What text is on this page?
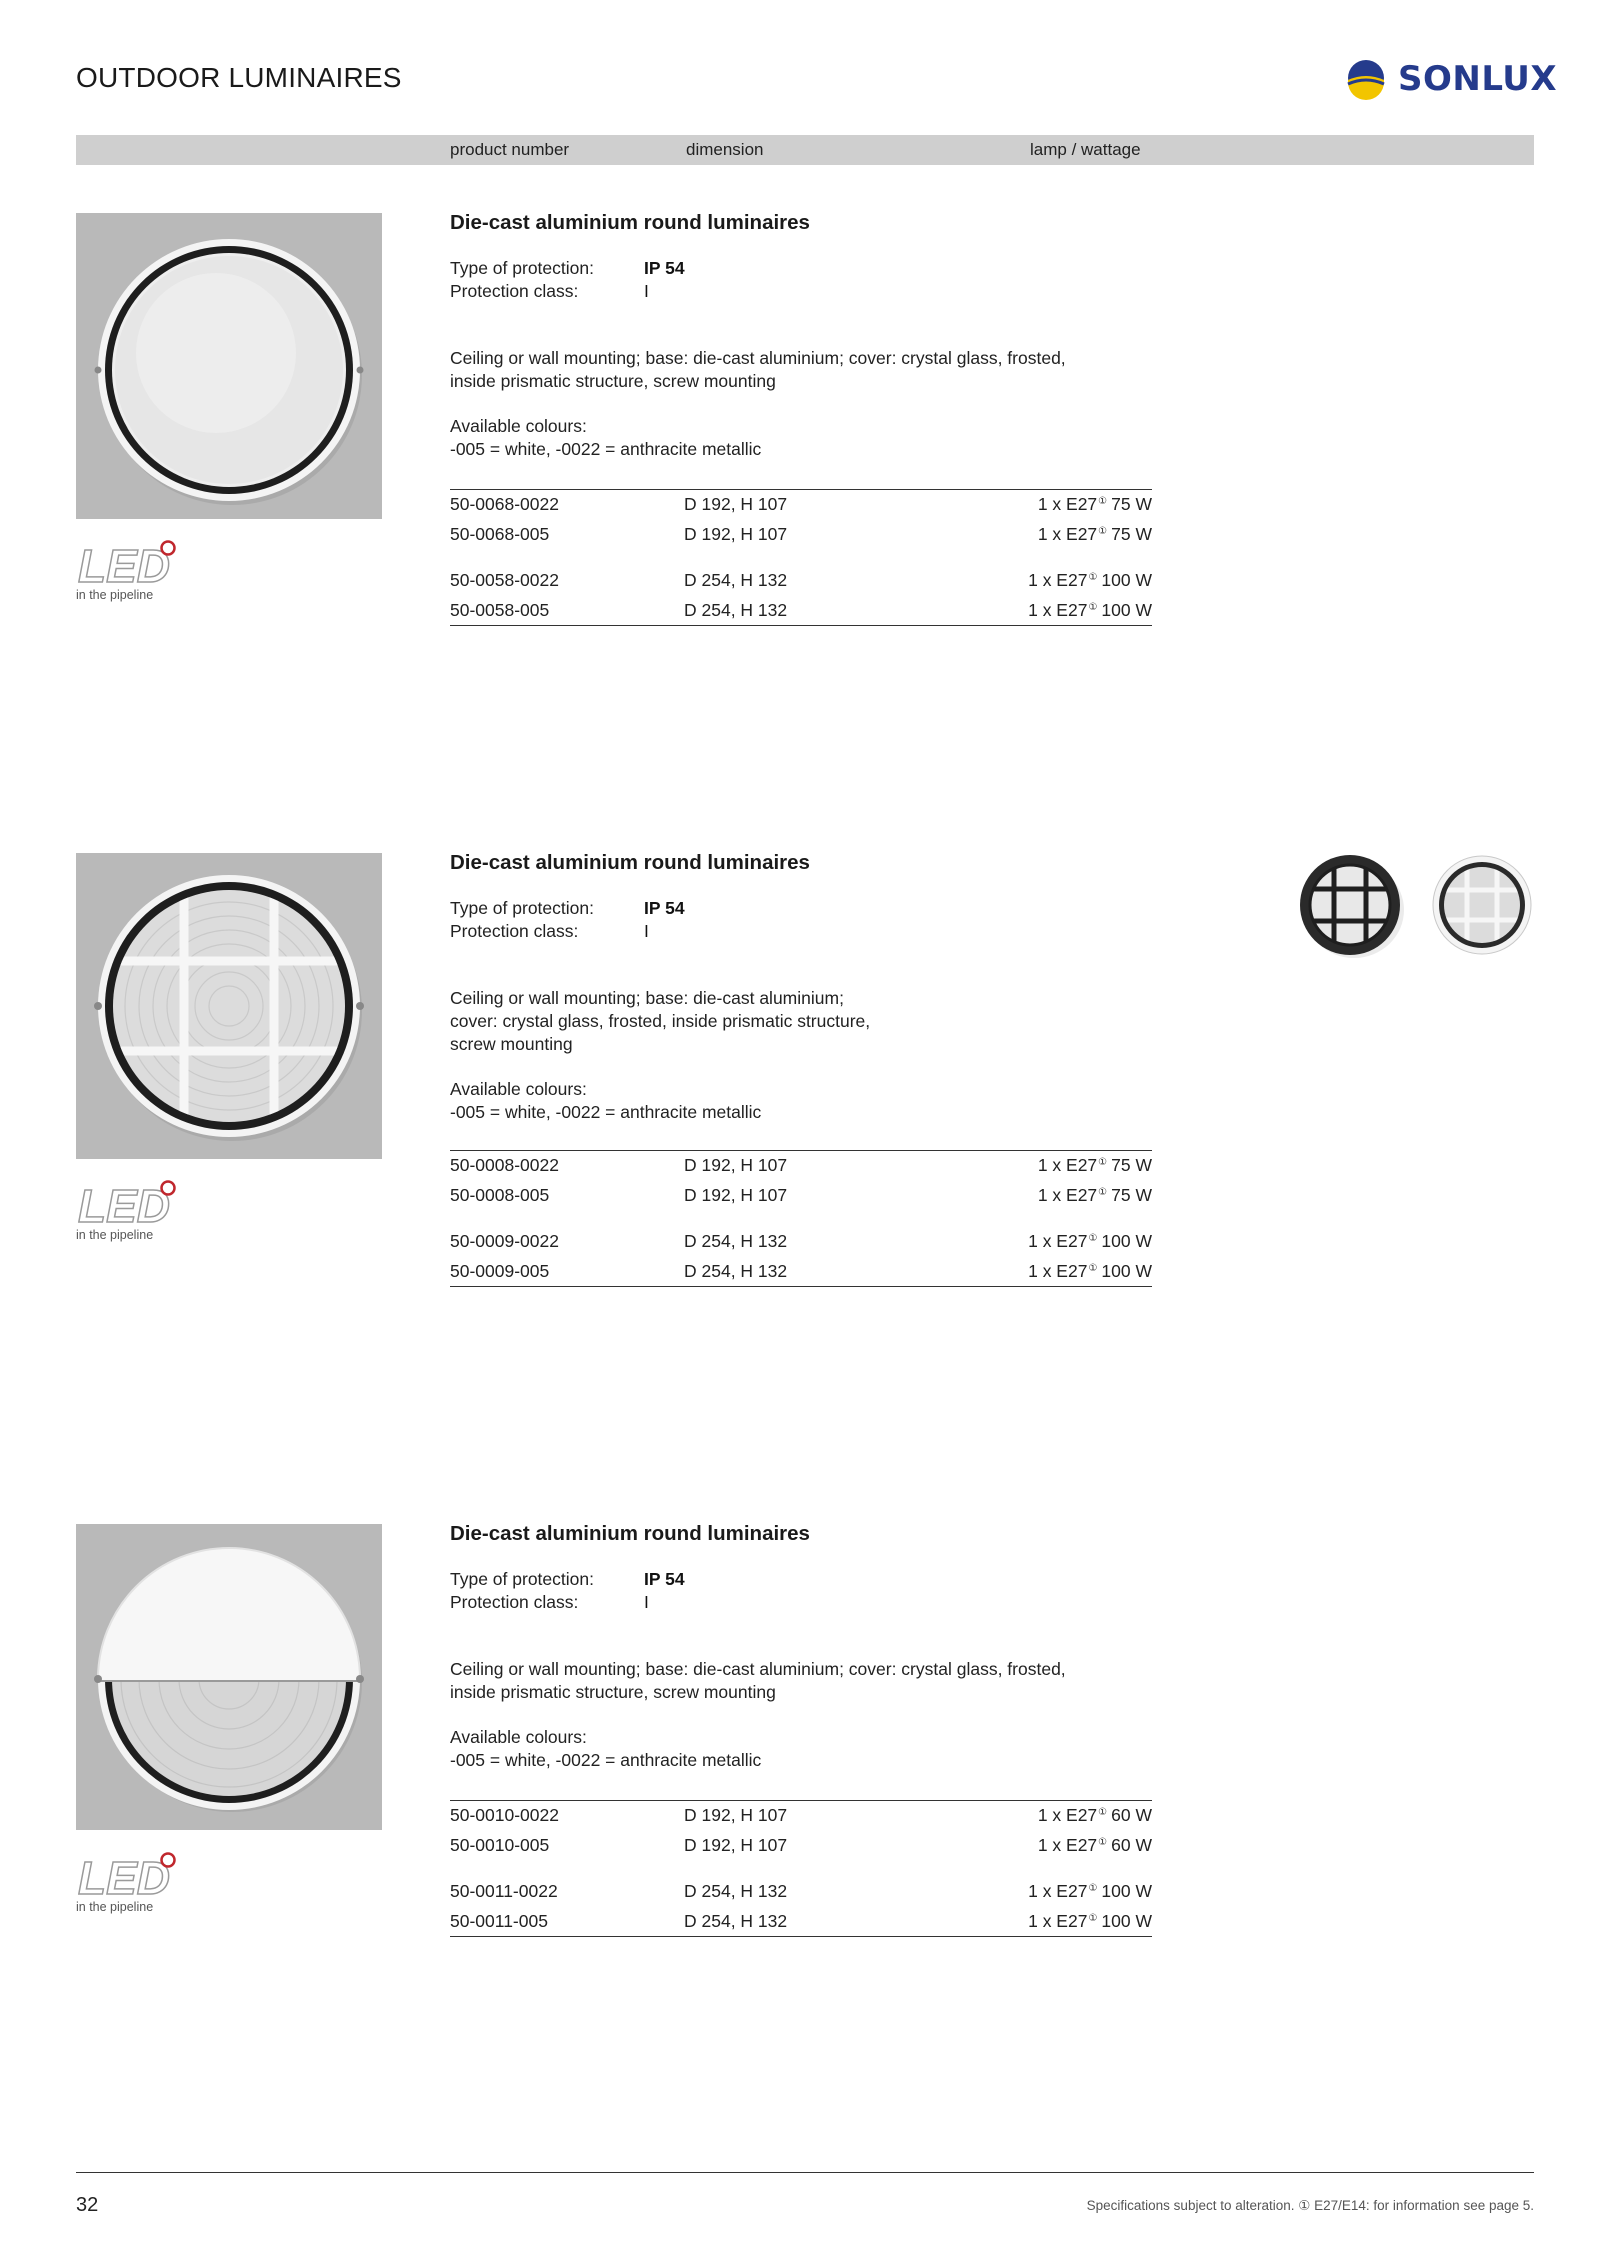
OUTDOOR LUMINAIRES	SONLUX
product number	dimension	lamp / wattage
LED
in the pipeline
Die-cast aluminium round luminaires
Type of protection:	IP 54
Protection class:	I

Ceiling or wall mounting; base: die-cast aluminium; cover: crystal glass, frosted, inside prismatic structure, screw mounting

Available colours:
-005 = white, -0022 = anthracite metallic

50-0068-0022	D 192, H 107	1 x E27① 75 W
50-0068-005	D 192, H 107	1 x E27① 75 W
50-0058-0022	D 254, H 132	1 x E27① 100 W
50-0058-005	D 254, H 132	1 x E27① 100 W
LED
in the pipeline
Die-cast aluminium round luminaires
Type of protection:	IP 54
Protection class:	I

Ceiling or wall mounting; base: die-cast aluminium;
cover: crystal glass, frosted, inside prismatic structure,
screw mounting

Available colours:
-005 = white, -0022 = anthracite metallic

50-0008-0022	D 192, H 107	1 x E27① 75 W
50-0008-005	D 192, H 107	1 x E27① 75 W
50-0009-0022	D 254, H 132	1 x E27① 100 W
50-0009-005	D 254, H 132	1 x E27① 100 W
LED
in the pipeline
Die-cast aluminium round luminaires
Type of protection:	IP 54
Protection class:	I

Ceiling or wall mounting; base: die-cast aluminium; cover: crystal glass, frosted, inside prismatic structure, screw mounting

Available colours:
-005 = white, -0022 = anthracite metallic

50-0010-0022	D 192, H 107	1 x E27① 60 W
50-0010-005	D 192, H 107	1 x E27① 60 W
50-0011-0022	D 254, H 132	1 x E27① 100 W
50-0011-005	D 254, H 132	1 x E27① 100 W
32	Specifications subject to alteration. ① E27/E14: for information see page 5.
